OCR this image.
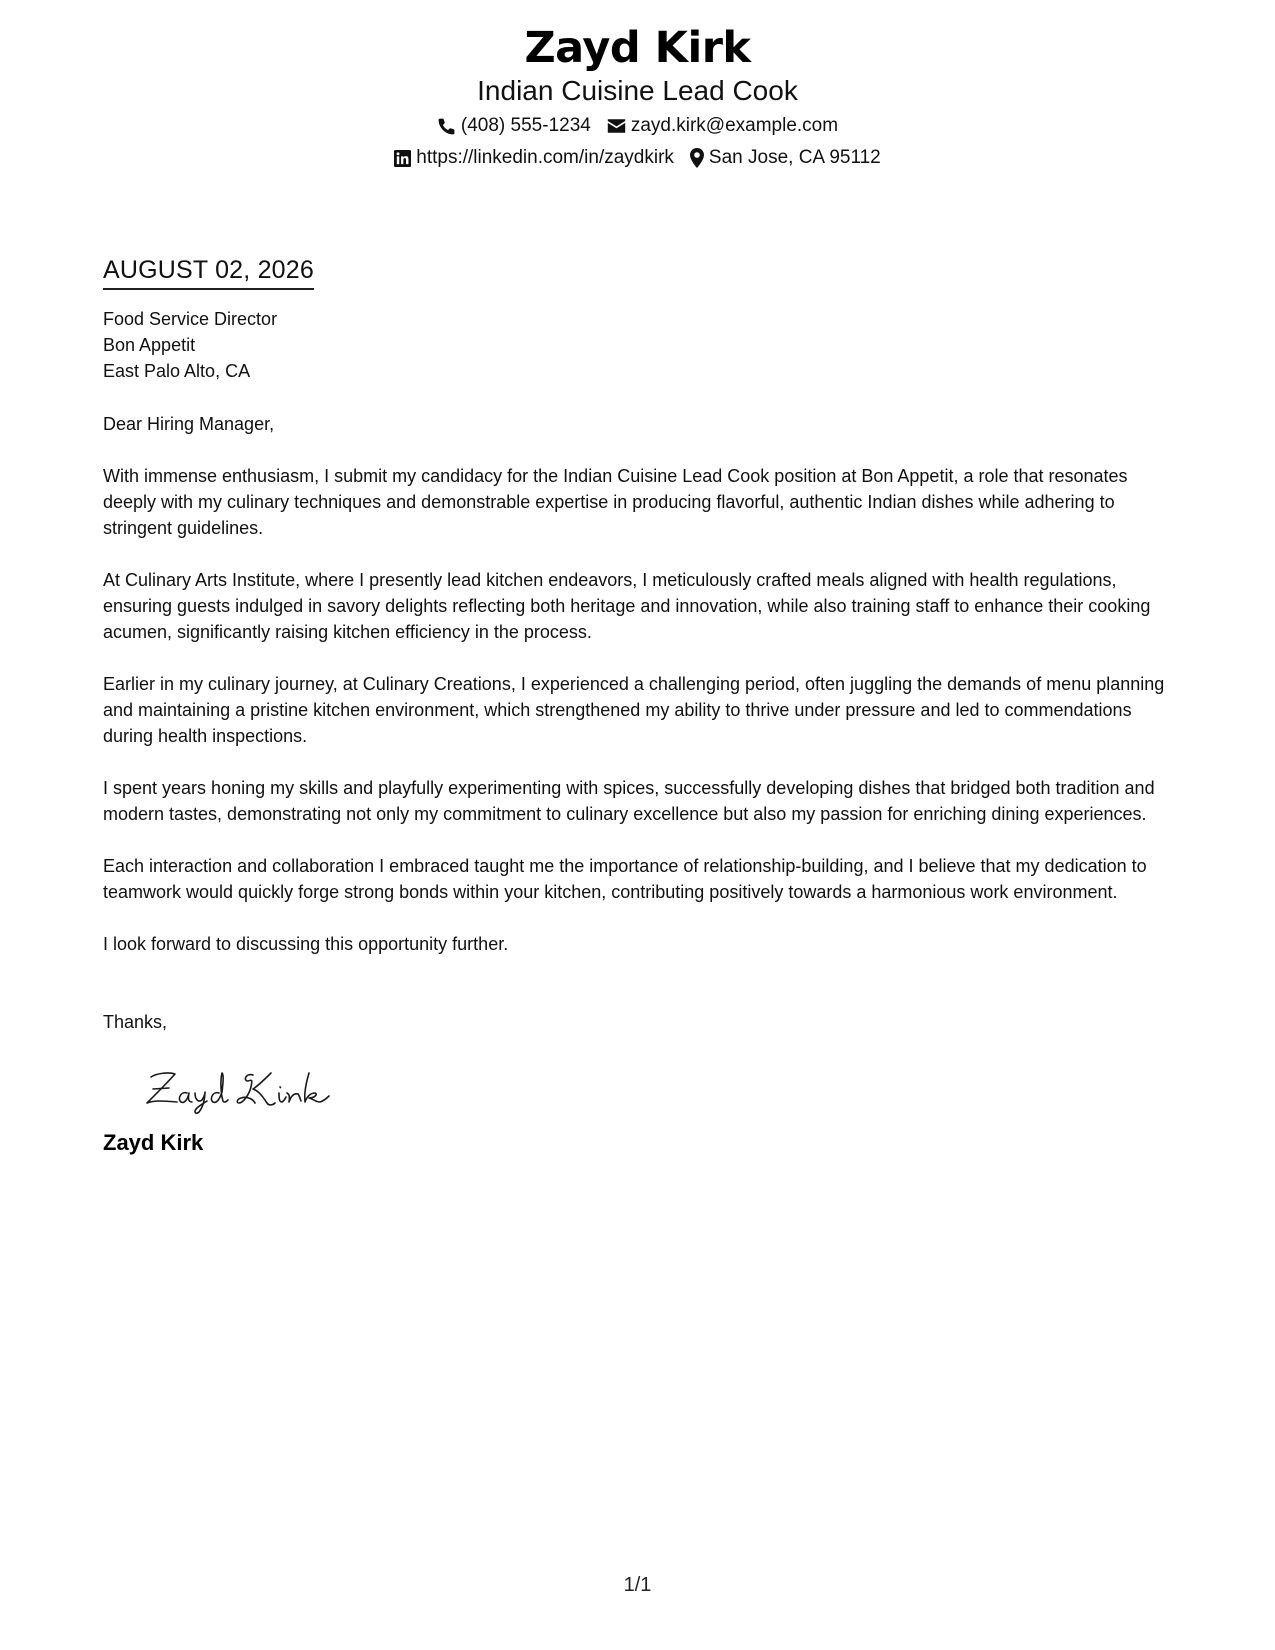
Zayd Kirk
Indian Cuisine Lead Cook
(408) 555-1234 zayd.kirk@example.com
https://linkedin.com/in/zaydkirk San Jose, CA 95112
AUGUST 02, 2026
Food Service Director
Bon Appetit
East Palo Alto, CA
Dear Hiring Manager,
With immense enthusiasm, I submit my candidacy for the Indian Cuisine Lead Cook position at Bon Appetit, a role that resonates deeply with my culinary techniques and demonstrable expertise in producing flavorful, authentic Indian dishes while adhering to stringent guidelines.
At Culinary Arts Institute, where I presently lead kitchen endeavors, I meticulously crafted meals aligned with health regulations, ensuring guests indulged in savory delights reflecting both heritage and innovation, while also training staff to enhance their cooking acumen, significantly raising kitchen efficiency in the process.
Earlier in my culinary journey, at Culinary Creations, I experienced a challenging period, often juggling the demands of menu planning and maintaining a pristine kitchen environment, which strengthened my ability to thrive under pressure and led to commendations during health inspections.
I spent years honing my skills and playfully experimenting with spices, successfully developing dishes that bridged both tradition and modern tastes, demonstrating not only my commitment to culinary excellence but also my passion for enriching dining experiences.
Each interaction and collaboration I embraced taught me the importance of relationship-building, and I believe that my dedication to teamwork would quickly forge strong bonds within your kitchen, contributing positively towards a harmonious work environment.
I look forward to discussing this opportunity further.
Thanks,
Zayd Kirk
1/1
